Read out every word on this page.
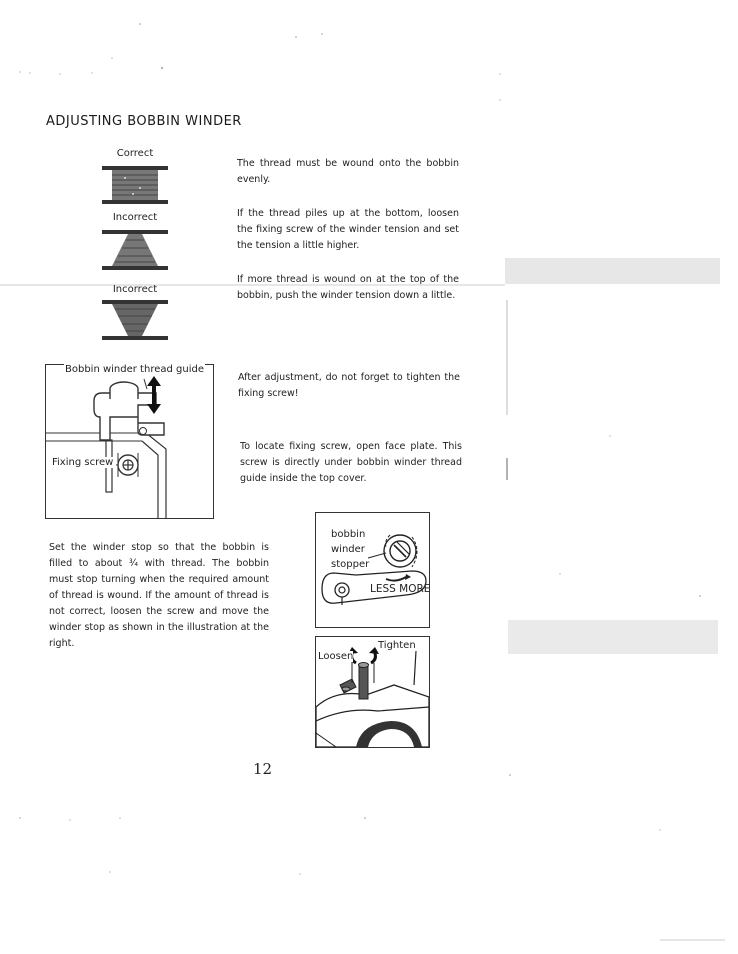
ADJUSTING BOBBIN WINDER
Correct
Incorrect
Incorrect
The thread must be wound onto the bobbin evenly.
If the thread piles up at the bottom, loosen the fixing screw of the winder tension and set the tension a little higher.
If more thread is wound on at the top of the bobbin, push the winder tension down a little.
After adjustment, do not forget to tighten the fixing screw!
To locate fixing screw, open face plate. This screw is directly under bobbin winder thread guide inside the top cover.
Bobbin winder thread guide
Fixing screw
Set the winder stop so that the bobbin is filled to about ¾ with thread. The bobbin must stop turning when the required amount of thread is wound. If the amount of thread is not correct, loosen the screw and move the winder stop as shown in the illustration at the right.
bobbin
winder
stopper
LESS MORE
Loosen
Tighten
12
